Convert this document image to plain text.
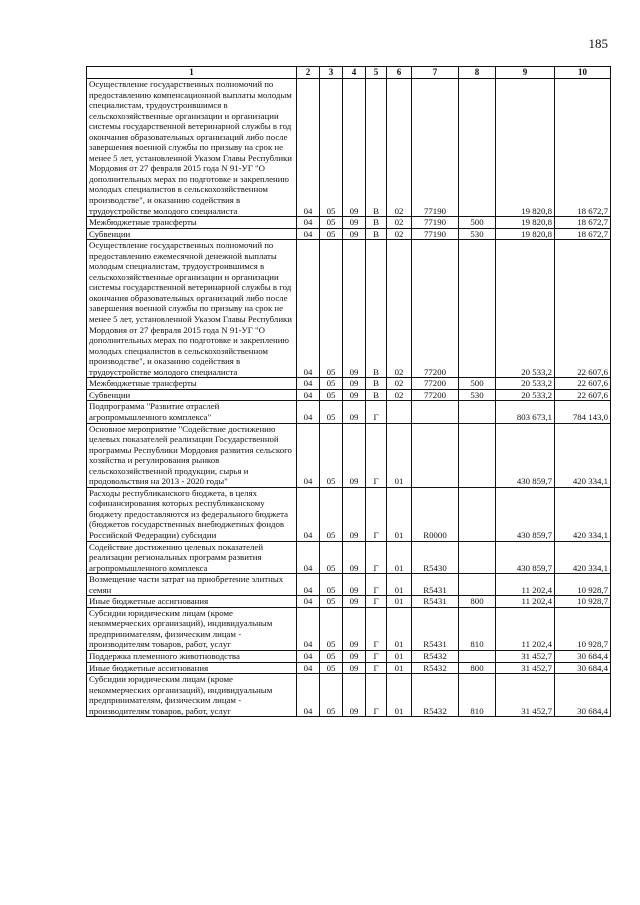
185
1	2	3	4	5	6	7	8	9	10
Осуществление государственных полномочий по предоставлению компенсационной выплаты молодым специалистам, трудоустроившимся в сельскохозяйственные организации и организации системы государственной ветеринарной службы в год окончания образовательных организаций либо после завершения военной службы по призыву на срок не менее 5 лет, установленной Указом Главы Республики Мордовия от 27 февраля 2015 года N 91-УГ "О дополнительных мерах по подготовке и закреплению молодых специалистов в сельскохозяйственном производстве", и оказанию содействия в трудоустройстве молодого специалиста	04	05	09	В	02	77190		19 820,8	18 672,7
Межбюджетные трансферты	04	05	09	В	02	77190	500	19 820,8	18 672,7
Субвенции	04	05	09	В	02	77190	530	19 820,8	18 672,7
Осуществление государственных полномочий по предоставлению ежемесячной денежной выплаты молодым специалистам, трудоустроившимся в сельскохозяйственные организации и организации системы государственной ветеринарной службы в год окончания образовательных организаций либо после завершения военной службы по призыву на срок не менее 5 лет, установленной Указом Главы Республики Мордовия от 27 февраля 2015 года N 91-УГ "О дополнительных мерах по подготовке и закреплению молодых специалистов в сельскохозяйственном производстве", и оказанию содействия в трудоустройстве молодого специалиста	04	05	09	В	02	77200		20 533,2	22 607,6
Межбюджетные трансферты	04	05	09	В	02	77200	500	20 533,2	22 607,6
Субвенции	04	05	09	В	02	77200	530	20 533,2	22 607,6
Подпрограмма "Развитие отраслей агропромышленного комплекса"	04	05	09	Г				803 673,1	784 143,0
Основное мероприятие "Содействие достижению целевых показателей реализации Государственной программы Республики Мордовия развития сельского хозяйства и регулирования рынков сельскохозяйственной продукции, сырья и продовольствия на 2013 - 2020 годы"	04	05	09	Г	01			430 859,7	420 334,1
Расходы республиканского бюджета, в целях софинансирования которых республиканскому бюджету предоставляются из федерального бюджета (бюджетов государственных внебюджетных фондов Российской Федерации) субсидии	04	05	09	Г	01	R0000		430 859,7	420 334,1
Содействие достижению целевых показателей реализации региональных программ развития агропромышленного комплекса	04	05	09	Г	01	R5430		430 859,7	420 334,1
Возмещение части затрат на приобретение элитных семян	04	05	09	Г	01	R5431		11 202,4	10 928,7
Иные бюджетные ассигнования	04	05	09	Г	01	R5431	800	11 202,4	10 928,7
Субсидии юридическим лицам (кроме некоммерческих организаций), индивидуальным предпринимателям, физическим лицам - производителям товаров, работ, услуг	04	05	09	Г	01	R5431	810	11 202,4	10 928,7
Поддержка племенного животноводства	04	05	09	Г	01	R5432		31 452,7	30 684,4
Иные бюджетные ассигнования	04	05	09	Г	01	R5432	800	31 452,7	30 684,4
Субсидии юридическим лицам (кроме некоммерческих организаций), индивидуальным предпринимателям, физическим лицам - производителям товаров, работ, услуг	04	05	09	Г	01	R5432	810	31 452,7	30 684,4
